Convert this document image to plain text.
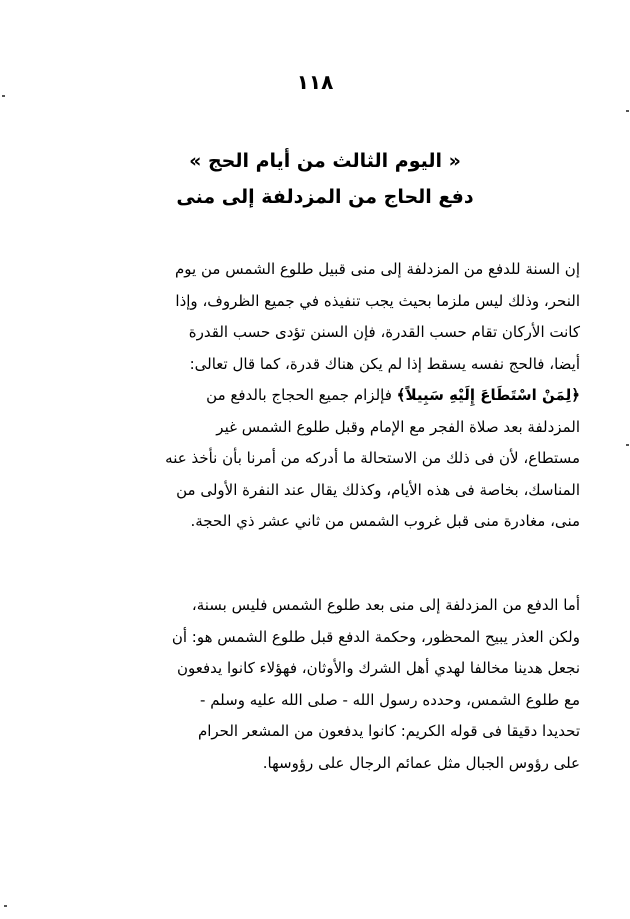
١١٨
« اليوم الثالث من أيام الحج »
دفع الحاج من المزدلفة إلى منى
إن السنة للدفع من المزدلفة إلى منى قبيل طلوع الشمس من يوم
النحر، وذلك ليس ملزما بحيث يجب تنفيذه في جميع الظروف، وإذا
كانت الأركان تقام حسب القدرة، فإن السنن تؤدى حسب القدرة
أيضا، فالحج نفسه يسقط إذا لم يكن هناك قدرة، كما قال تعالى:
﴿لِمَنْ اسْتَطَاعَ إِلَيْهِ سَبِيلاً﴾ فإلزام جميع الحجاج بالدفع من
المزدلفة بعد صلاة الفجر مع الإمام وقبل طلوع الشمس غير
مستطاع، لأن فى ذلك من الاستحالة ما أدركه من أمرنا بأن نأخذ عنه
المناسك، بخاصة فى هذه الأيام، وكذلك يقال عند النفرة الأولى من
منى، مغادرة منى قبل غروب الشمس من ثاني عشر ذي الحجة.
أما الدفع من المزدلفة إلى منى بعد طلوع الشمس فليس بسنة،
ولكن العذر يبيح المحظور، وحكمة الدفع قبل طلوع الشمس هو: أن
نجعل هدينا مخالفا لهدي أهل الشرك والأوثان، فهؤلاء كانوا يدفعون
مع طلوع الشمس، وحدده رسول الله - صلى الله عليه وسلم -
تحديدا دقيقا فى قوله الكريم: كانوا يدفعون من المشعر الحرام
على رؤوس الجبال مثل عمائم الرجال على رؤوسها.
